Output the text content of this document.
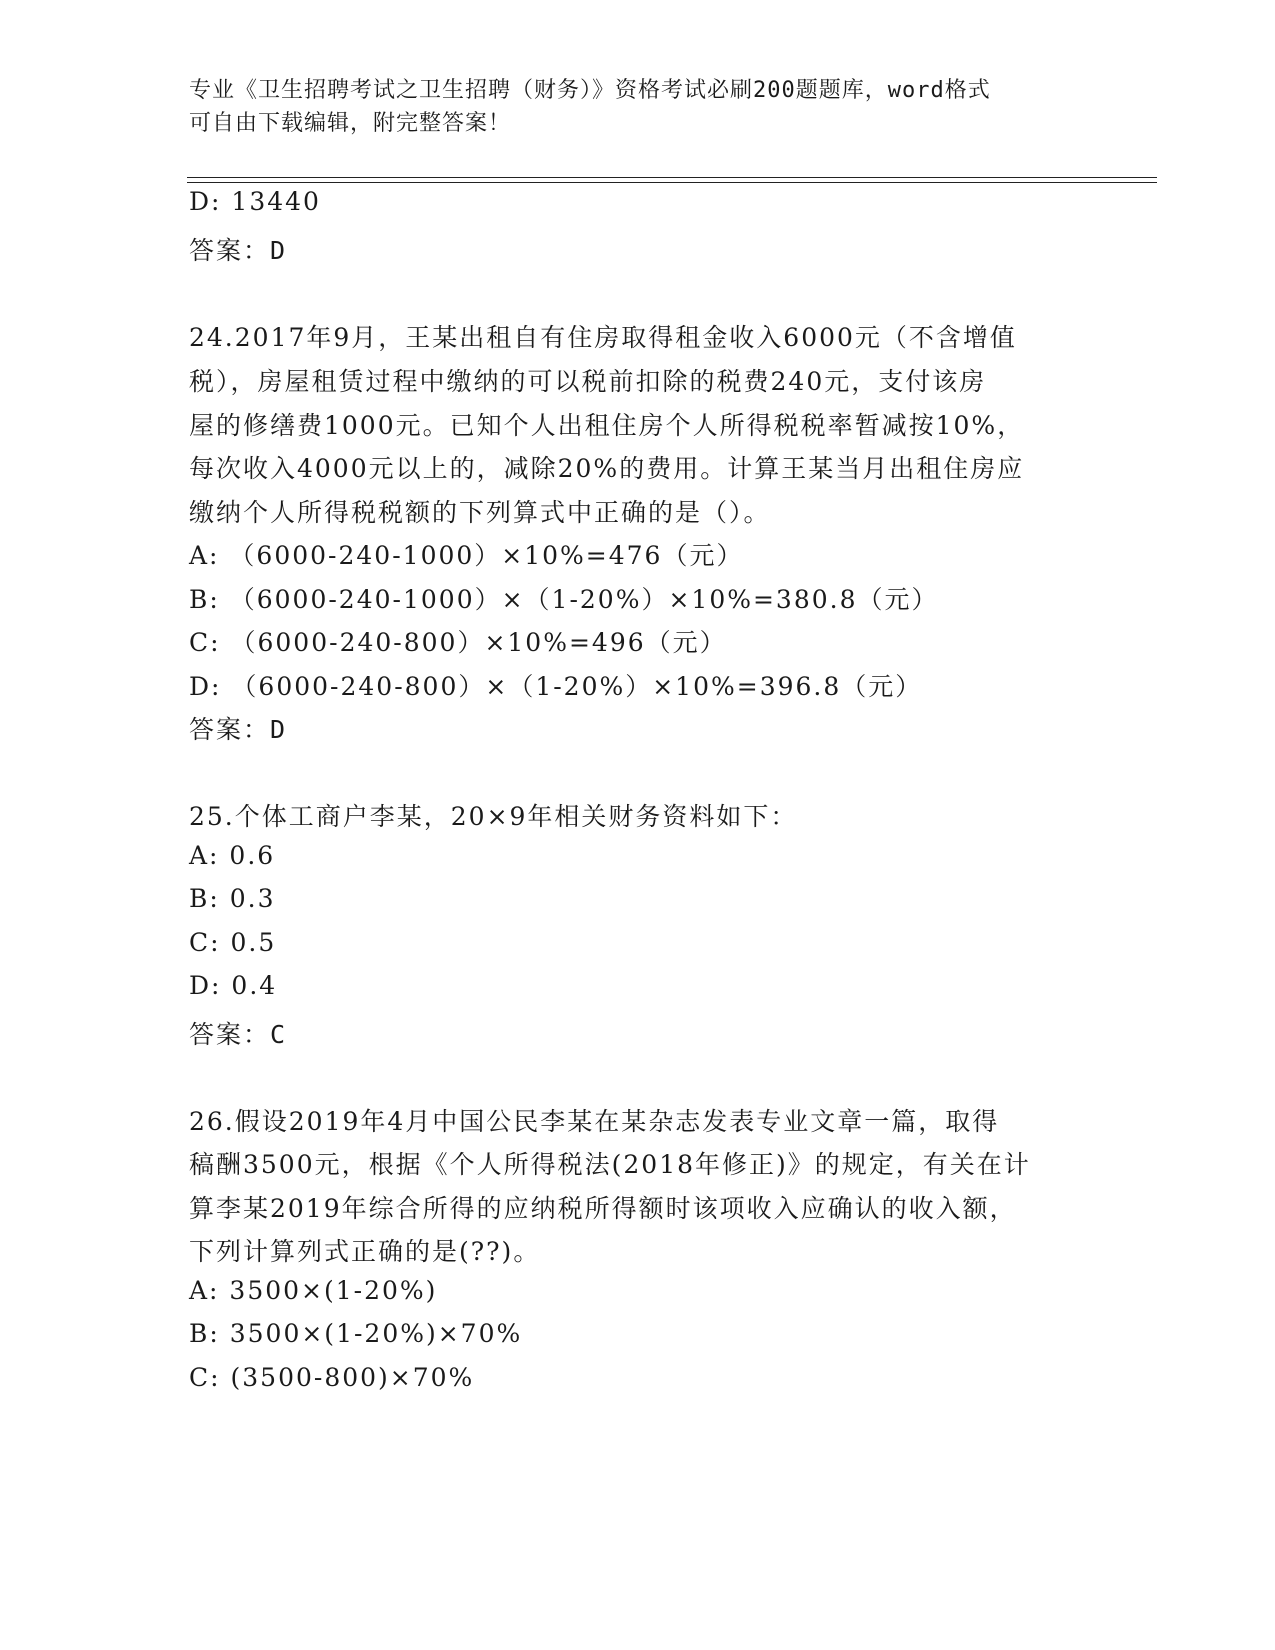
专业《卫生招聘考试之卫生招聘（财务）》资格考试必刷200题题库，word格式
可自由下载编辑，附完整答案！
D: 13440
答案：D
24.2017年9月，王某出租自有住房取得租金收入6000元（不含增值
税），房屋租赁过程中缴纳的可以税前扣除的税费240元，支付该房
屋的修缮费1000元。已知个人出租住房个人所得税税率暂减按10%，
每次收入4000元以上的，减除20%的费用。计算王某当月出租住房应
缴纳个人所得税税额的下列算式中正确的是（）。
A: （6000-240-1000）×10%=476（元）
B: （6000-240-1000）×（1-20%）×10%=380.8（元）
C: （6000-240-800）×10%=496（元）
D: （6000-240-800）×（1-20%）×10%=396.8（元）
答案：D
25.个体工商户李某，20×9年相关财务资料如下：
A: 0.6
B: 0.3
C: 0.5
D: 0.4
答案：C
26.假设2019年4月中国公民李某在某杂志发表专业文章一篇，取得
稿酬3500元，根据《个人所得税法(2018年修正)》的规定，有关在计
算李某2019年综合所得的应纳税所得额时该项收入应确认的收入额，
下列计算列式正确的是(??)。
A: 3500×(1-20%)
B: 3500×(1-20%)×70%
C: (3500-800)×70%
